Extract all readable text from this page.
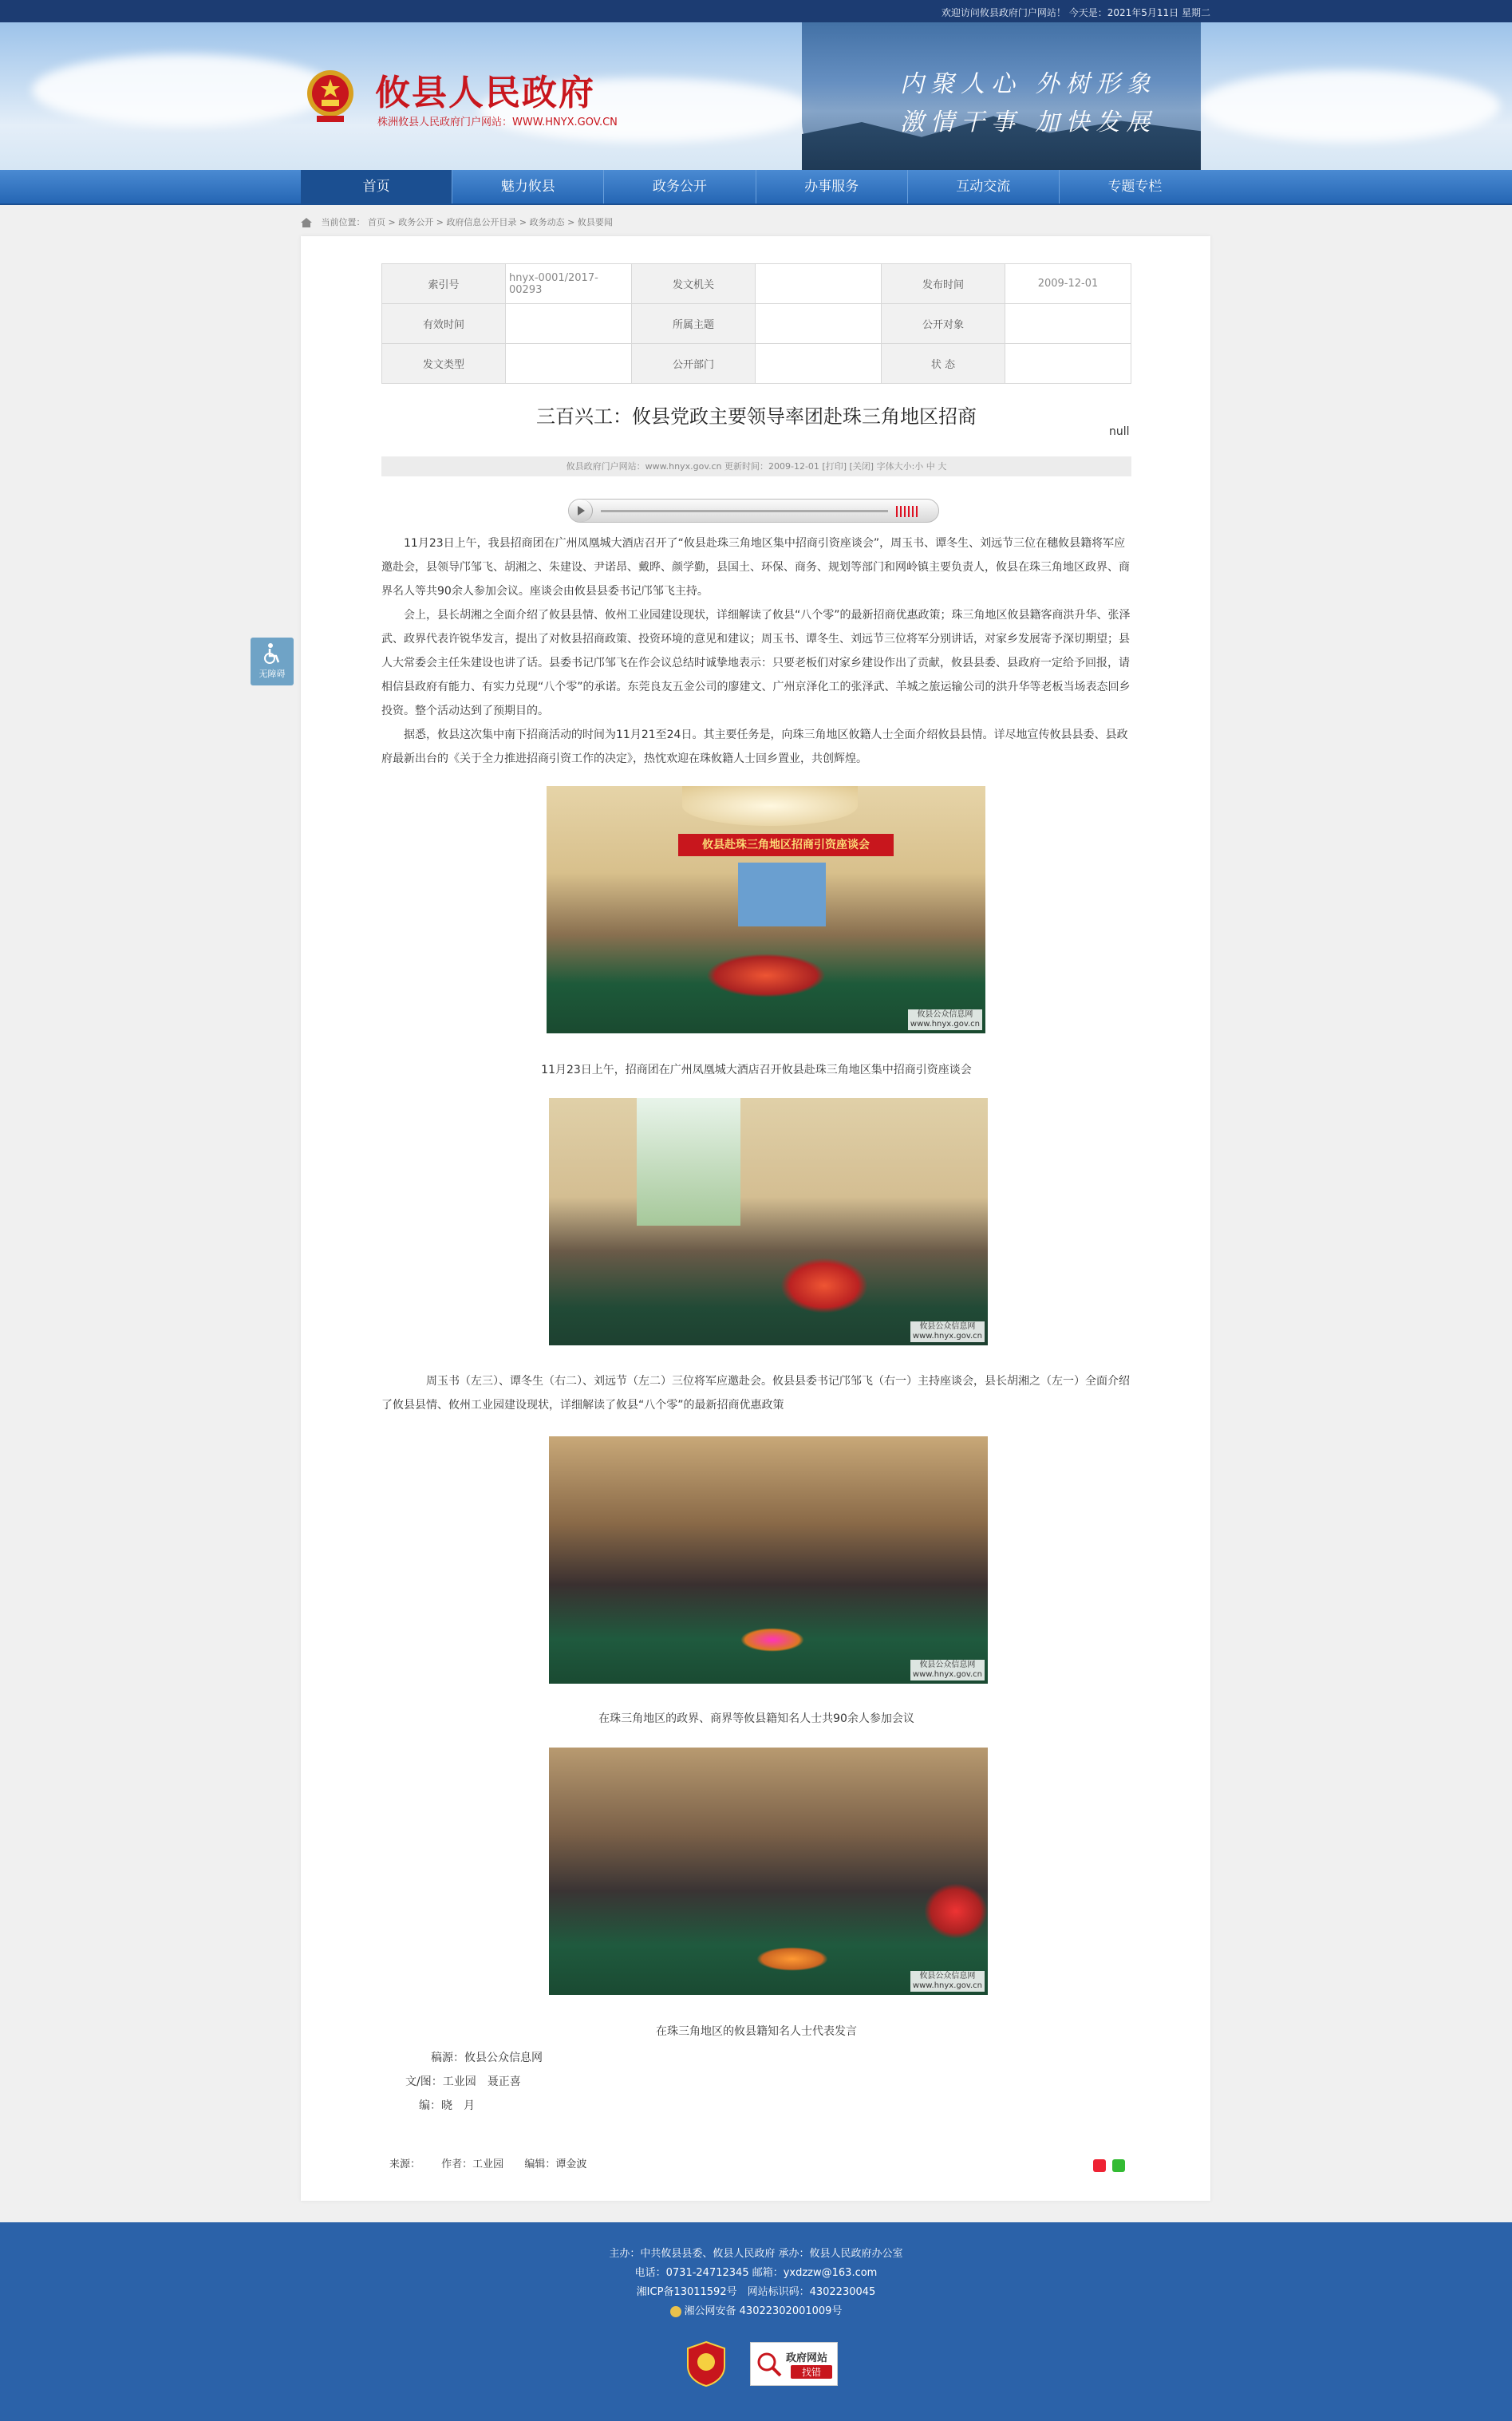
欢迎访问攸县政府门户网站！ 今天是：2021年5月11日 星期二
攸县人民政府
株洲攸县人民政府门户网站：WWW.HNYX.GOV.CN
内聚人心 外树形象
激情干事 加快发展
首页	魅力攸县	政务公开	办事服务	互动交流	专题专栏
当前位置： 首页 > 政务公开 > 政府信息公开目录 > 政务动态 > 攸县要闻
无障碍
索引号	hnyx-0001/2017-00293	发文机关		发布时间	2009-12-01
有效时间		所属主题		公开对象	
发文类型		公开部门		状 态	
三百兴工：攸县党政主要领导率团赴珠三角地区招商
null
攸县政府门户网站：www.hnyx.gov.cn 更新时间：2009-12-01 [打印] [关闭] 字体大小:小 中 大
11月23日上午，我县招商团在广州凤凰城大酒店召开了“攸县赴珠三角地区集中招商引资座谈会”，周玉书、谭冬生、刘远节三位在穗攸县籍将军应邀赴会，县领导邝邹飞、胡湘之、朱建设、尹诺昂、戴晔、颜学勤，县国土、环保、商务、规划等部门和网岭镇主要负责人，攸县在珠三角地区政界、商界名人等共90余人参加会议。座谈会由攸县县委书记邝邹飞主持。
会上，县长胡湘之全面介绍了攸县县情、攸州工业园建设现状，详细解读了攸县“八个零”的最新招商优惠政策；珠三角地区攸县籍客商洪升华、张泽武、政界代表许锐华发言，提出了对攸县招商政策、投资环境的意见和建议；周玉书、谭冬生、刘远节三位将军分别讲话，对家乡发展寄予深切期望；县人大常委会主任朱建设也讲了话。县委书记邝邹飞在作会议总结时诚挚地表示：只要老板们对家乡建设作出了贡献，攸县县委、县政府一定给予回报，请相信县政府有能力、有实力兑现“八个零”的承诺。东莞良友五金公司的廖建文、广州京泽化工的张泽武、羊城之旅运输公司的洪升华等老板当场表态回乡投资。整个活动达到了预期目的。
据悉，攸县这次集中南下招商活动的时间为11月21至24日。其主要任务是，向珠三角地区攸籍人士全面介绍攸县县情。详尽地宣传攸县县委、县政府最新出台的《关于全力推进招商引资工作的决定》，热忱欢迎在珠攸籍人士回乡置业，共创辉煌。
攸县赴珠三角地区招商引资座谈会
攸县公众信息网
www.hnyx.gov.cn
11月23日上午，招商团在广州凤凰城大酒店召开攸县赴珠三角地区集中招商引资座谈会
攸县公众信息网
www.hnyx.gov.cn
周玉书（左三）、谭冬生（右二）、刘远节（左二）三位将军应邀赴会。攸县县委书记邝邹飞（右一）主持座谈会，县长胡湘之（左一）全面介绍了攸县县情、攸州工业园建设现状，详细解读了攸县“八个零”的最新招商优惠政策
攸县公众信息网
www.hnyx.gov.cn
在珠三角地区的政界、商界等攸县籍知名人士共90余人参加会议
攸县公众信息网
www.hnyx.gov.cn
在珠三角地区的攸县籍知名人士代表发言
稿源：攸县公众信息网
文/图：工业园　聂正喜
编：晓　月
来源： 作者：工业园 编辑：谭金波

主办：中共攸县县委、攸县人民政府 承办：攸县人民政府办公室

电话：0731-24712345 邮箱：yxdzzw@163.com

湘ICP备13011592号　网站标识码：4302230045

湘公网安备 43022302001009号

政府网站
找错
